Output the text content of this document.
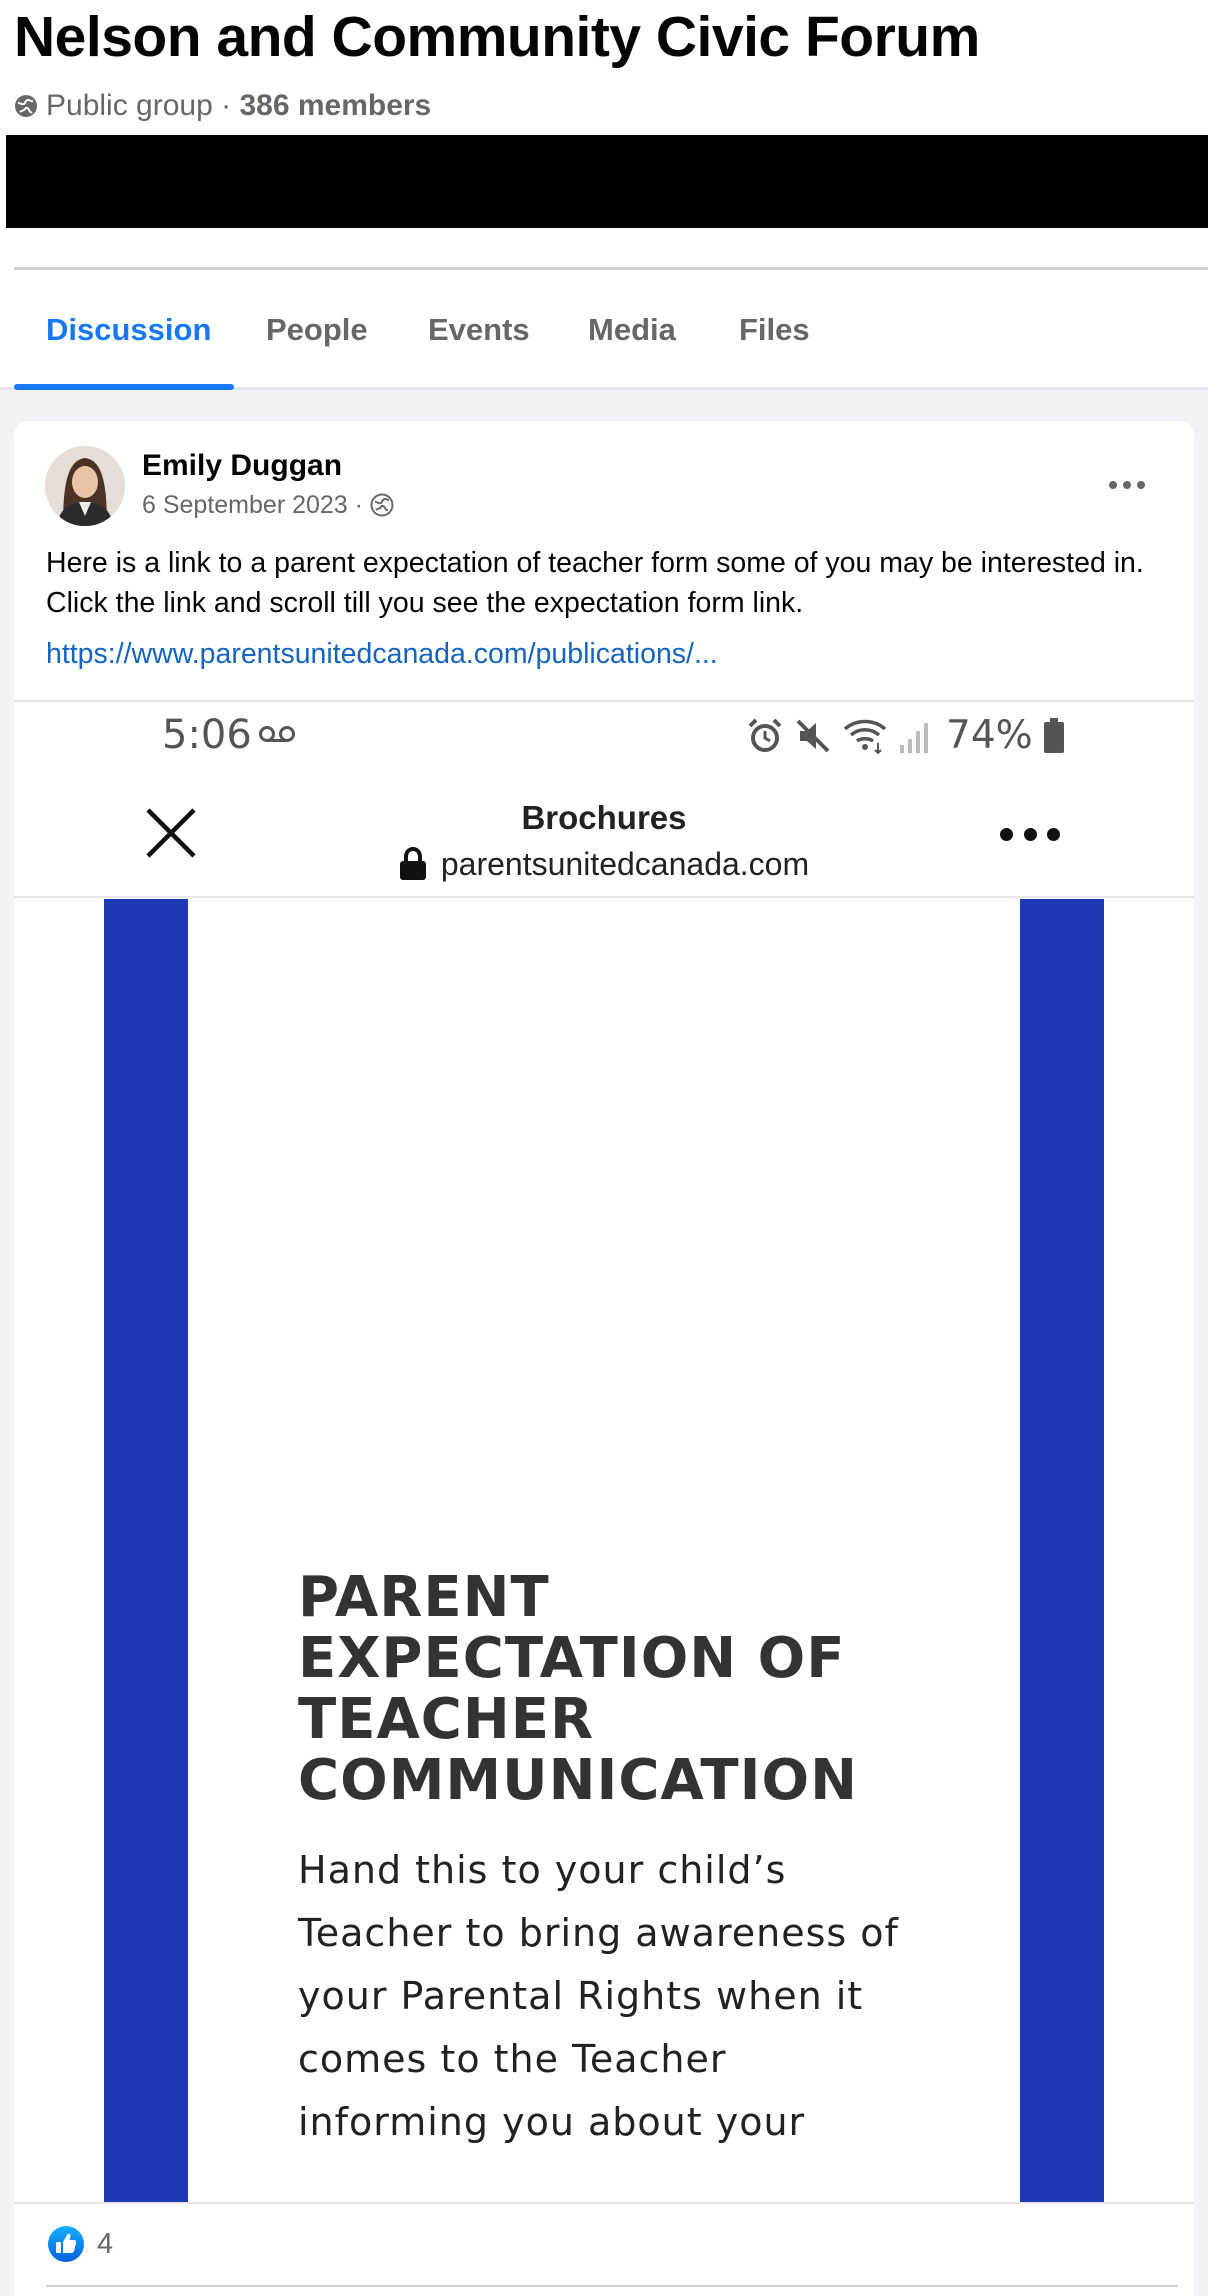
Nelson and Community Civic Forum
Public group · 386 members
Discussion	People	Events	Media	Files
Emily Duggan
6 September 2023 ·

Here is a link to a parent expectation of teacher form some of you may be interested in. Click the link and scroll till you see the expectation form link.

https://www.parentsunitedcanada.com/publications/...
5:06	74%
Brochures
parentsunitedcanada.com
PARENT
EXPECTATION OF
TEACHER
COMMUNICATION
Hand this to your child’s
Teacher to bring awareness of
your Parental Rights when it
comes to the Teacher
informing you about your
4
